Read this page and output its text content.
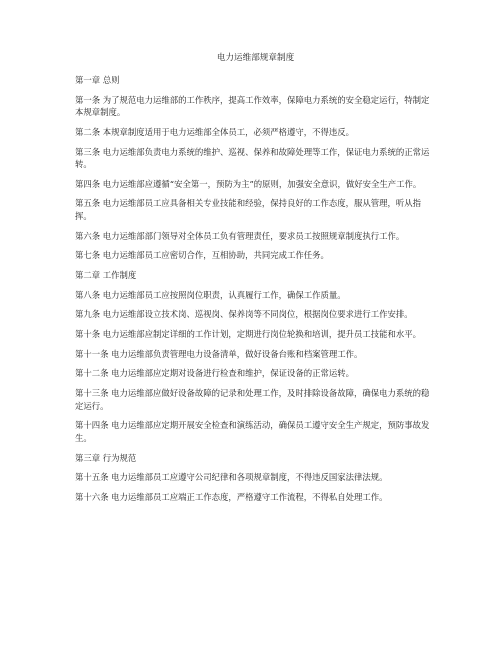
电力运维部规章制度
第一章 总则
第一条 为了规范电力运维部的工作秩序，提高工作效率，保障电力系统的安全稳定运行，特制定本规章制度。
第二条 本规章制度适用于电力运维部全体员工，必须严格遵守，不得违反。
第三条 电力运维部负责电力系统的维护、巡视、保养和故障处理等工作，保证电力系统的正常运转。
第四条 电力运维部应遵循“安全第一，预防为主”的原则，加强安全意识，做好安全生产工作。
第五条 电力运维部员工应具备相关专业技能和经验，保持良好的工作态度，服从管理，听从指挥。
第六条 电力运维部部门领导对全体员工负有管理责任，要求员工按照规章制度执行工作。
第七条 电力运维部员工应密切合作，互相协助，共同完成工作任务。
第二章 工作制度
第八条 电力运维部员工应按照岗位职责，认真履行工作，确保工作质量。
第九条 电力运维部设立技术岗、巡视岗、保养岗等不同岗位，根据岗位要求进行工作安排。
第十条 电力运维部应制定详细的工作计划，定期进行岗位轮换和培训，提升员工技能和水平。
第十一条 电力运维部负责管理电力设备清单，做好设备台账和档案管理工作。
第十二条 电力运维部应定期对设备进行检查和维护，保证设备的正常运转。
第十三条 电力运维部应做好设备故障的记录和处理工作，及时排除设备故障，确保电力系统的稳定运行。
第十四条 电力运维部应定期开展安全检查和演练活动，确保员工遵守安全生产规定，预防事故发生。
第三章 行为规范
第十五条 电力运维部员工应遵守公司纪律和各项规章制度，不得违反国家法律法规。
第十六条 电力运维部员工应端正工作态度，严格遵守工作流程，不得私自处理工作。
